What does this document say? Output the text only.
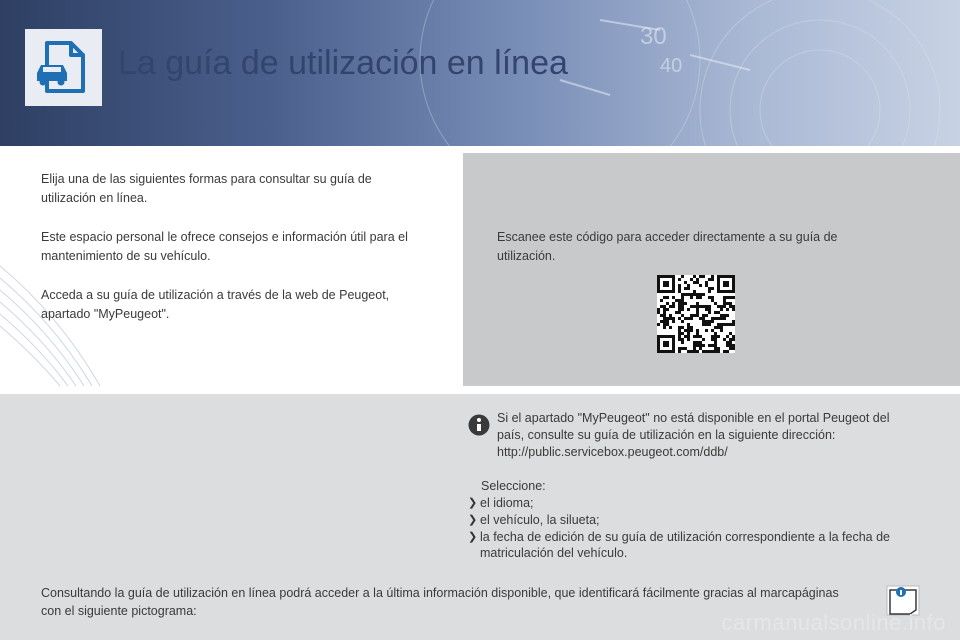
30
40
La guía de utilización en línea

Elija una de las siguientes formas para consultar su guía de utilización en línea.

Este espacio personal le ofrece consejos e información útil para el mantenimiento de su vehículo.

Acceda a su guía de utilización a través de la web de Peugeot, apartado "MyPeugeot".

Escanee este código para acceder directamente a su guía de utilización.

Si el apartado "MyPeugeot" no está disponible en el portal Peugeot del país, consulte su guía de utilización en la siguiente dirección:
http://public.servicebox.peugeot.com/ddb/

Seleccione:

❯ el idioma;
❯ el vehículo, la silueta;
❯ la fecha de edición de su guía de utilización correspondiente a la fecha de matriculación del vehículo.

Consultando la guía de utilización en línea podrá acceder a la última información disponible, que identificará fácilmente gracias al marcapáginas con el siguiente pictograma:	carmanualsonline.info
